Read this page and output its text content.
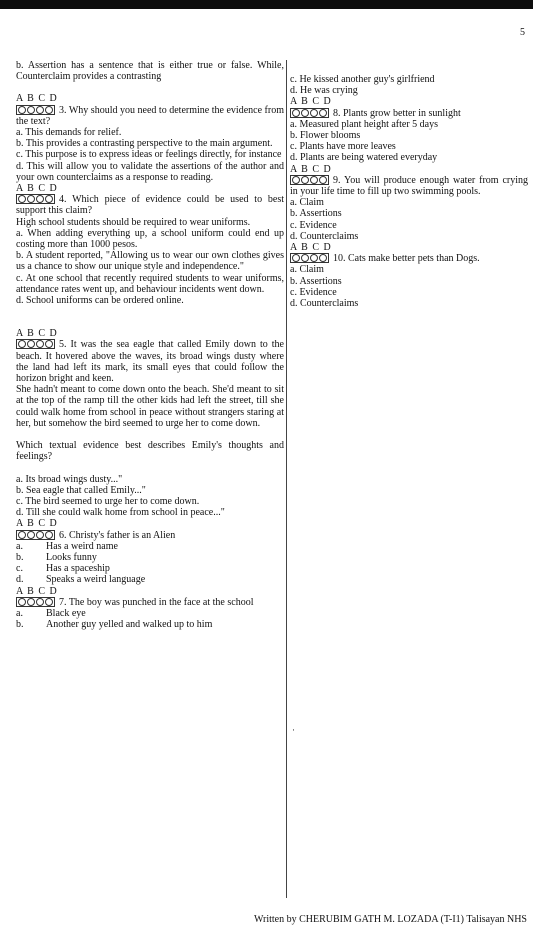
5

b. Assertion has a sentence that is either true or false. While, Counterclaim provides a contrasting

A B C D

3. Why should you need to determine the evidence from the text?

a. This demands for relief.

b. This provides a contrasting perspective to the main argument.

c. This purpose is to express ideas or feelings directly, for instance

d. This will allow you to validate the assertions of the author and your own counterclaims as a response to reading.

A B C D

4. Which piece of evidence could be used to best support this claim?

High school students should be required to wear uniforms.

a. When adding everything up, a school uniform could end up costing more than 1000 pesos.

b. A student reported, "Allowing us to wear our own clothes gives us a chance to show our unique style and independence."

c. At one school that recently required students to wear uniforms, attendance rates went up, and behaviour incidents went down.

d. School uniforms can be ordered online.

A B C D

5. It was the sea eagle that called Emily down to the beach. It hovered above the waves, its broad wings dusty where the land had left its mark, its small eyes that could follow the horizon bright and keen.

She hadn't meant to come down onto the beach. She'd meant to sit at the top of the ramp till the other kids had left the street, till she could walk home from school in peace without strangers staring at her, but somehow the bird seemed to urge her to come down.

Which textual evidence best describes Emily's thoughts and feelings?

a. Its broad wings dusty..."

b. Sea eagle that called Emily..."

c. The bird seemed to urge her to come down.

d. Till she could walk home from school in peace..."

A B C D

6. Christy's father is an Alien

a.	Has a weird name

b.	Looks funny

c.	Has a spaceship

d.	Speaks a weird language

A B C D

7. The boy was punched in the face at the school

a.	Black eye

b.	Another guy yelled and walked up to him

c. He kissed another guy's girlfriend

d. He was crying

A B C D

8. Plants grow better in sunlight

a. Measured plant height after 5 days

b. Flower blooms

c. Plants have more leaves

d. Plants are being watered everyday

A B C D

9. You will produce enough water from crying in your life time to fill up two swimming pools.

a. Claim

b. Assertions

c. Evidence

d. Counterclaims

A B C D

10. Cats make better pets than Dogs.

a. Claim

b. Assertions

c. Evidence

d. Counterclaims

·
Written by CHERUBIM GATH M. LOZADA (T-I1) Talisayan NHS
